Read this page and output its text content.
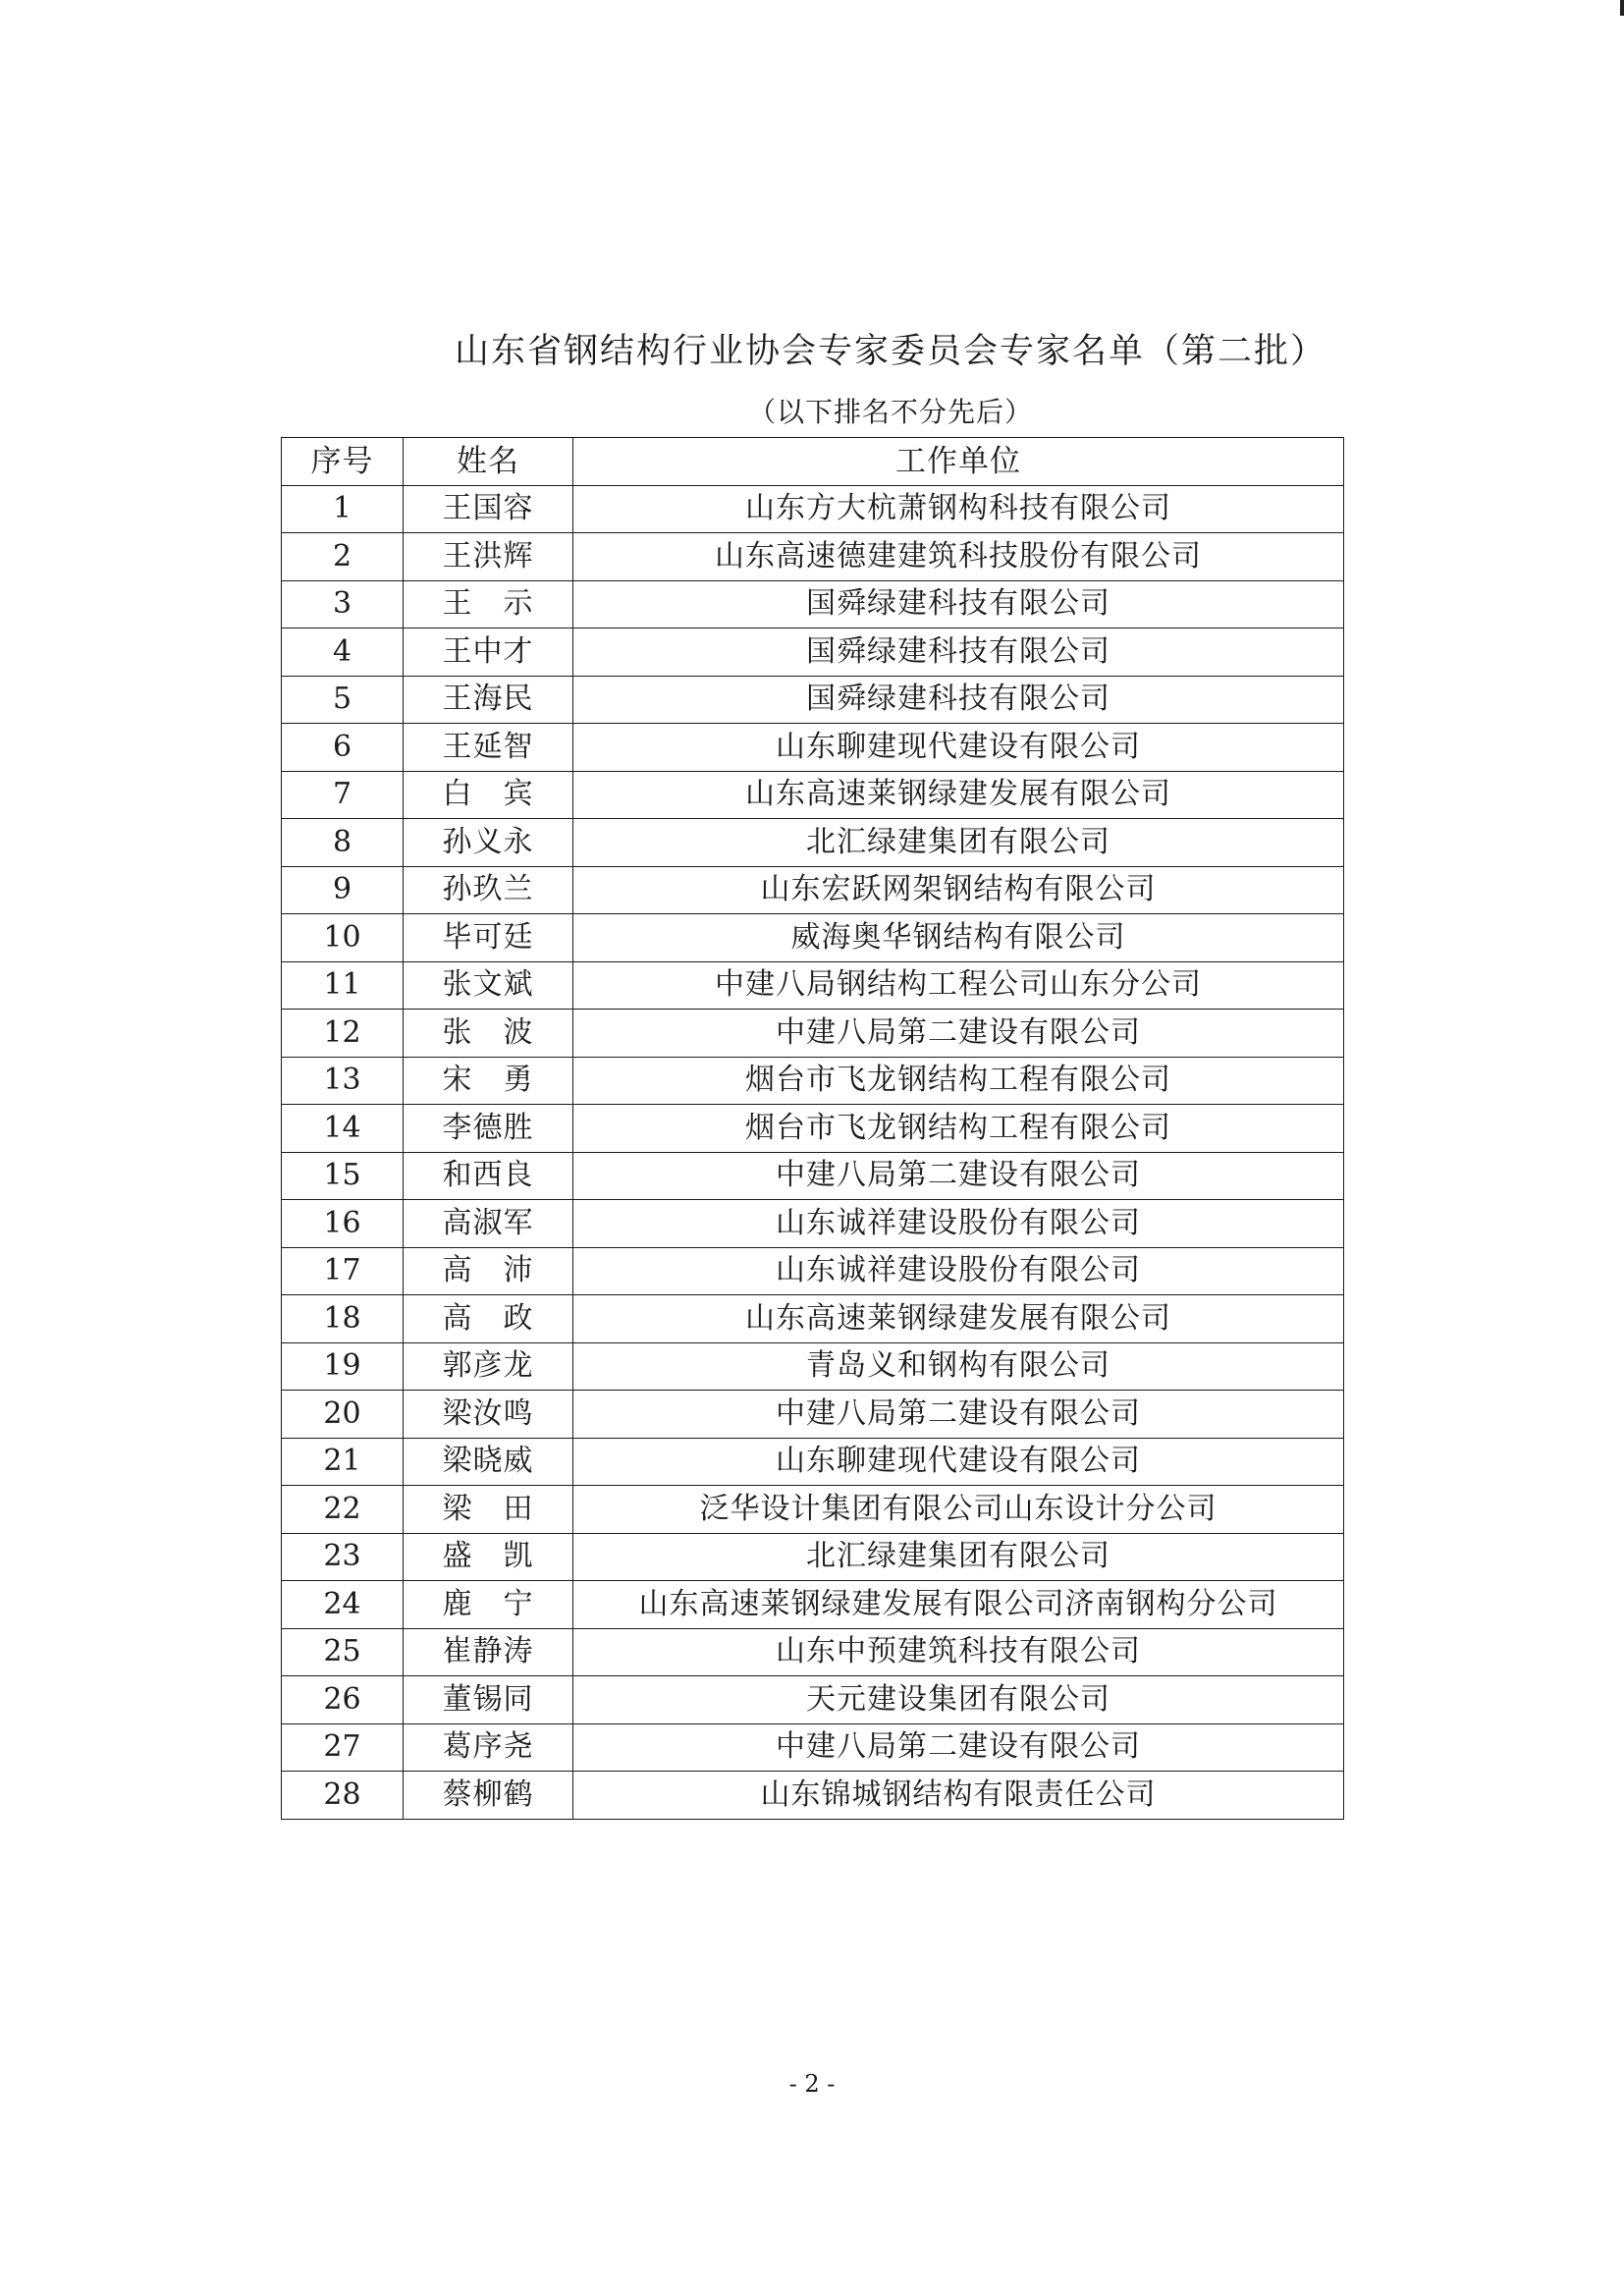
山东省钢结构行业协会专家委员会专家名单（第二批）
（以下排名不分先后）
序号	姓名	工作单位
1	王国容	山东方大杭萧钢构科技有限公司
2	王洪辉	山东高速德建建筑科技股份有限公司
3	王　示	国舜绿建科技有限公司
4	王中才	国舜绿建科技有限公司
5	王海民	国舜绿建科技有限公司
6	王延智	山东聊建现代建设有限公司
7	白　宾	山东高速莱钢绿建发展有限公司
8	孙义永	北汇绿建集团有限公司
9	孙玖兰	山东宏跃网架钢结构有限公司
10	毕可廷	威海奥华钢结构有限公司
11	张文斌	中建八局钢结构工程公司山东分公司
12	张　波	中建八局第二建设有限公司
13	宋　勇	烟台市飞龙钢结构工程有限公司
14	李德胜	烟台市飞龙钢结构工程有限公司
15	和西良	中建八局第二建设有限公司
16	高淑军	山东诚祥建设股份有限公司
17	高　沛	山东诚祥建设股份有限公司
18	高　政	山东高速莱钢绿建发展有限公司
19	郭彦龙	青岛义和钢构有限公司
20	梁汝鸣	中建八局第二建设有限公司
21	梁晓威	山东聊建现代建设有限公司
22	梁　田	泛华设计集团有限公司山东设计分公司
23	盛　凯	北汇绿建集团有限公司
24	鹿　宁	山东高速莱钢绿建发展有限公司济南钢构分公司
25	崔静涛	山东中预建筑科技有限公司
26	董锡同	天元建设集团有限公司
27	葛序尧	中建八局第二建设有限公司
28	蔡柳鹤	山东锦城钢结构有限责任公司
- 2 -
